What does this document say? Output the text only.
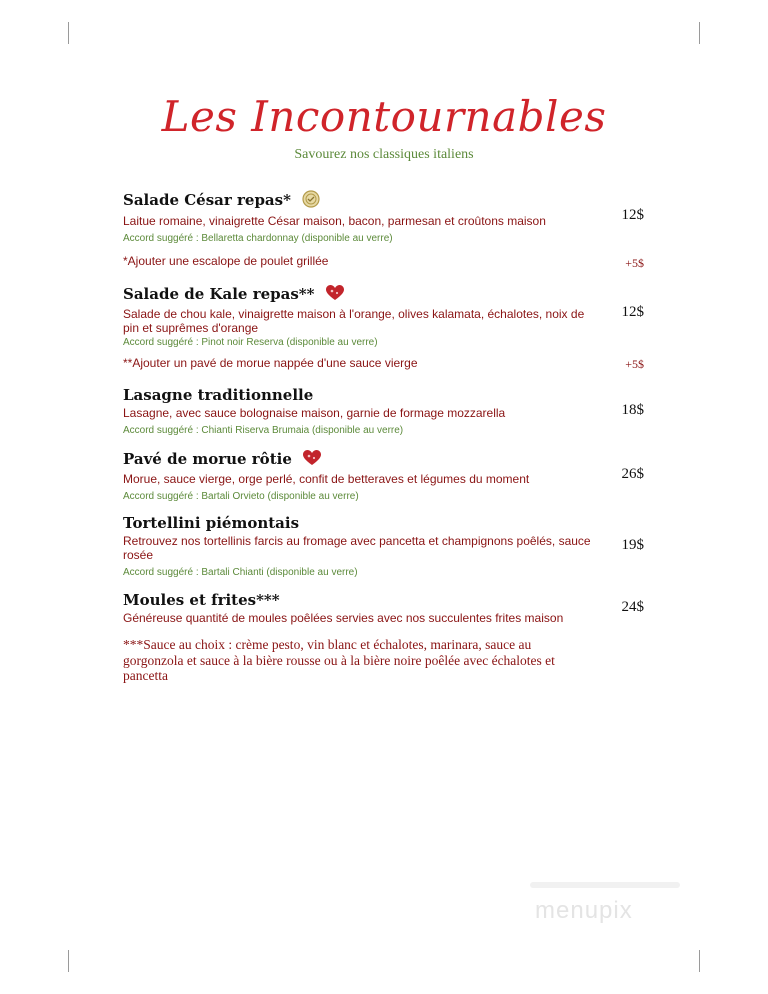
Les Incontournables
Savourez nos classiques italiens
Salade César repas*
Laitue romaine, vinaigrette César maison, bacon, parmesan et croûtons maison
Accord suggéré : Bellaretta chardonnay (disponible au verre)
12$
*Ajouter une escalope de poulet grillée	+5$
Salade de Kale repas**
Salade de chou kale, vinaigrette maison à l'orange, olives kalamata, échalotes, noix de pin et suprêmes d'orange
Accord suggéré : Pinot noir Reserva (disponible au verre)
12$
**Ajouter un pavé de morue nappée d'une sauce vierge	+5$
Lasagne traditionnelle
Lasagne, avec sauce bolognaise maison, garnie de formage mozzarella
Accord suggéré : Chianti Riserva Brumaia (disponible au verre)
18$
Pavé de morue rôtie
Morue, sauce vierge, orge perlé, confit de betteraves et légumes du moment
Accord suggéré : Bartali Orvieto (disponible au verre)
26$
Tortellini piémontais
Retrouvez nos tortellinis farcis au fromage avec pancetta et champignons poêlés, sauce rosée
Accord suggéré : Bartali Chianti (disponible au verre)
19$
Moules et frites***
Généreuse quantité de moules poêlées servies avec nos succulentes frites maison
24$
***Sauce au choix : crème pesto, vin blanc et échalotes, marinara, sauce au gorgonzola et sauce à la bière rousse ou à la bière noire poêlée avec échalotes et pancetta
menupix
